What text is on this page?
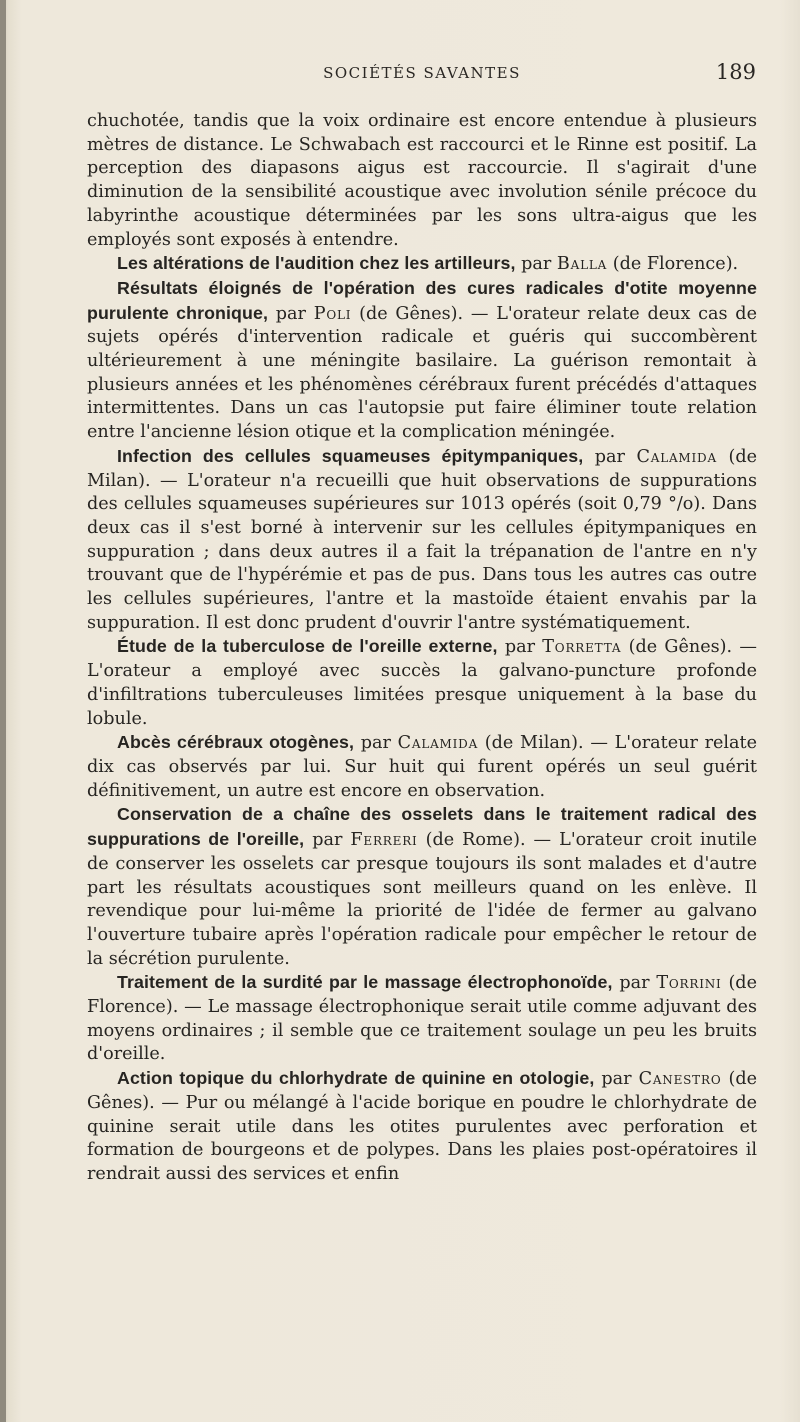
SOCIÉTÉS SAVANTES	189

chuchotée, tandis que la voix ordinaire est encore entendue à plusieurs mètres de distance. Le Schwabach est raccourci et le Rinne est positif. La perception des diapasons aigus est raccourcie. Il s'agirait d'une diminution de la sensibilité acoustique avec involution sénile précoce du labyrinthe acoustique déterminées par les sons ultra-aigus que les employés sont exposés à entendre.

Les altérations de l'audition chez les artilleurs, par Balla (de Florence).

Résultats éloignés de l'opération des cures radicales d'otite moyenne purulente chronique, par Poli (de Gênes). — L'orateur relate deux cas de sujets opérés d'intervention radicale et guéris qui succombèrent ultérieurement à une méningite basilaire. La guérison remontait à plusieurs années et les phénomènes cérébraux furent précédés d'attaques intermittentes. Dans un cas l'autopsie put faire éliminer toute relation entre l'ancienne lésion otique et la complication méningée.

Infection des cellules squameuses épitympaniques, par Calamida (de Milan). — L'orateur n'a recueilli que huit observations de suppurations des cellules squameuses supérieures sur 1013 opérés (soit 0,79 °/o). Dans deux cas il s'est borné à intervenir sur les cellules épitympaniques en suppuration ; dans deux autres il a fait la trépanation de l'antre en n'y trouvant que de l'hypérémie et pas de pus. Dans tous les autres cas outre les cellules supérieures, l'antre et la mastoïde étaient envahis par la suppuration. Il est donc prudent d'ouvrir l'antre systématiquement.

Étude de la tuberculose de l'oreille externe, par Torretta (de Gênes). — L'orateur a employé avec succès la galvano-puncture profonde d'infiltrations tuberculeuses limitées presque uniquement à la base du lobule.

Abcès cérébraux otogènes, par Calamida (de Milan). — L'orateur relate dix cas observés par lui. Sur huit qui furent opérés un seul guérit définitivement, un autre est encore en observation.

Conservation de a chaîne des osselets dans le traitement radical des suppurations de l'oreille, par Ferreri (de Rome). — L'orateur croit inutile de conserver les osselets car presque toujours ils sont malades et d'autre part les résultats acoustiques sont meilleurs quand on les enlève. Il revendique pour lui-même la priorité de l'idée de fermer au galvano l'ouverture tubaire après l'opération radicale pour empêcher le retour de la sécrétion purulente.

Traitement de la surdité par le massage électrophonoïde, par Torrini (de Florence). — Le massage électrophonique serait utile comme adjuvant des moyens ordinaires ; il semble que ce traitement soulage un peu les bruits d'oreille.

Action topique du chlorhydrate de quinine en otologie, par Canestro (de Gênes). — Pur ou mélangé à l'acide borique en poudre le chlorhydrate de quinine serait utile dans les otites purulentes avec perforation et formation de bourgeons et de polypes. Dans les plaies post-opératoires il rendrait aussi des services et enfin
